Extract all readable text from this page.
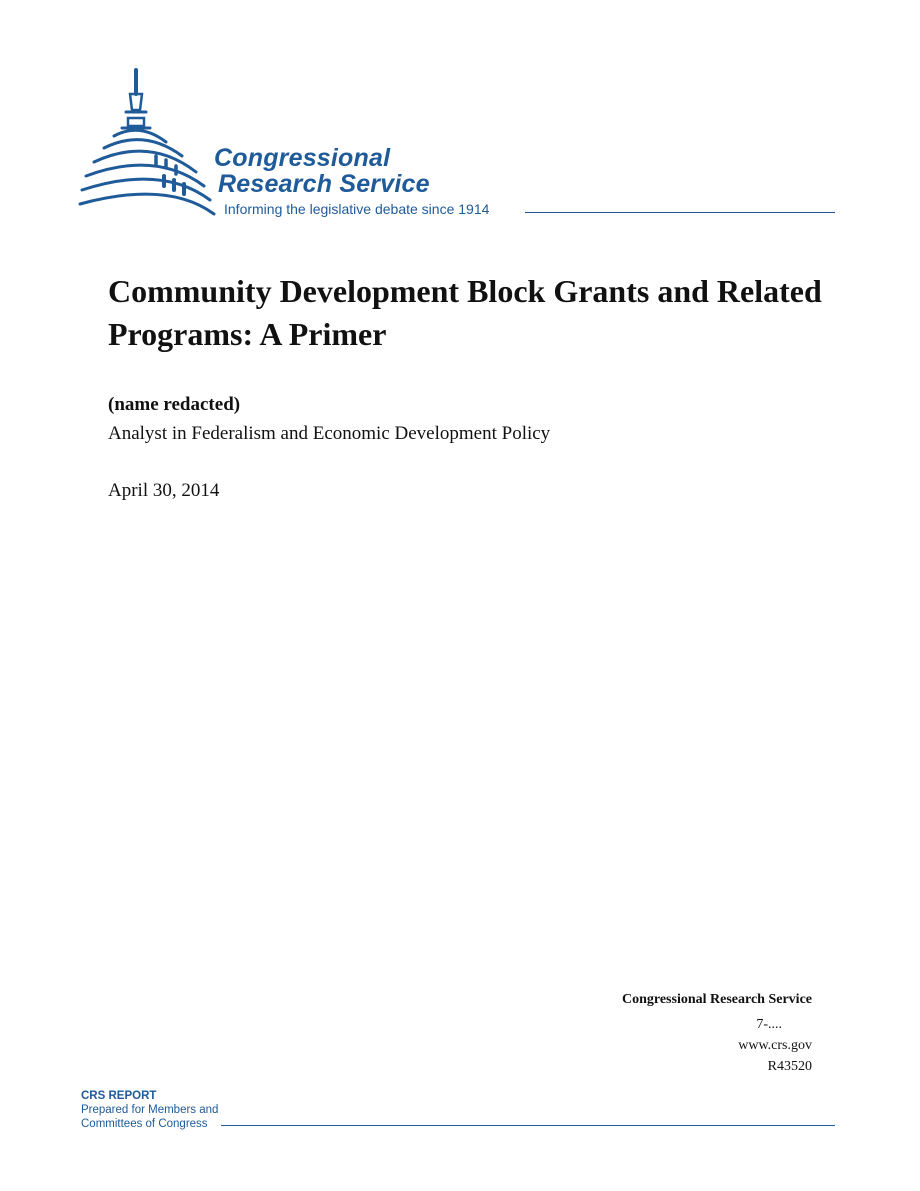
Congressional
Research Service
Informing the legislative debate since 1914
Community Development Block Grants and Related Programs: A Primer
(name redacted)
Analyst in Federalism and Economic Development Policy
April 30, 2014
Congressional Research Service
7-....
www.crs.gov
R43520
CRS REPORT
Prepared for Members and
Committees of Congress
